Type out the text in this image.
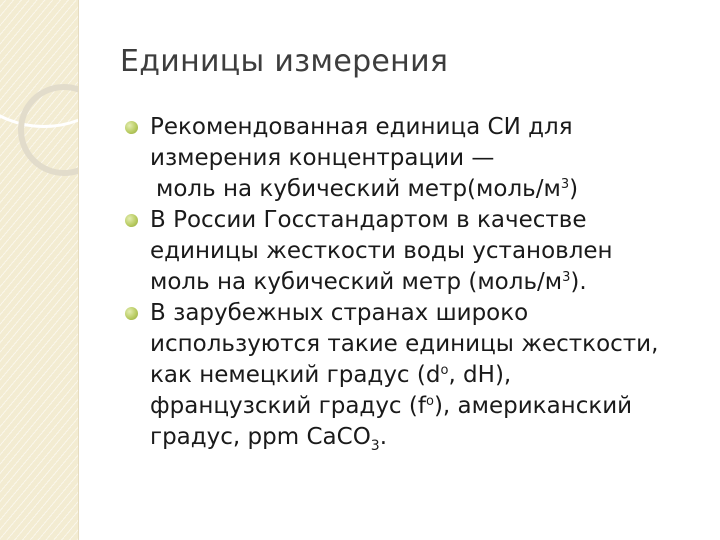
Единицы измерения
Рекомендованная единица СИ для
измерения концентрации —
моль на кубический $метр(моль/м^3)$
В России Госстандартом в качестве
единицы жесткости воды установлен
моль на кубический метр $(моль/м^3)$.
В зарубежных странах широко
используются такие единицы жесткости,
как немецкий градус ($d^o$, dH),
французский градус $(f^o)$, американский
градус, ppm CaCO$_3$.
